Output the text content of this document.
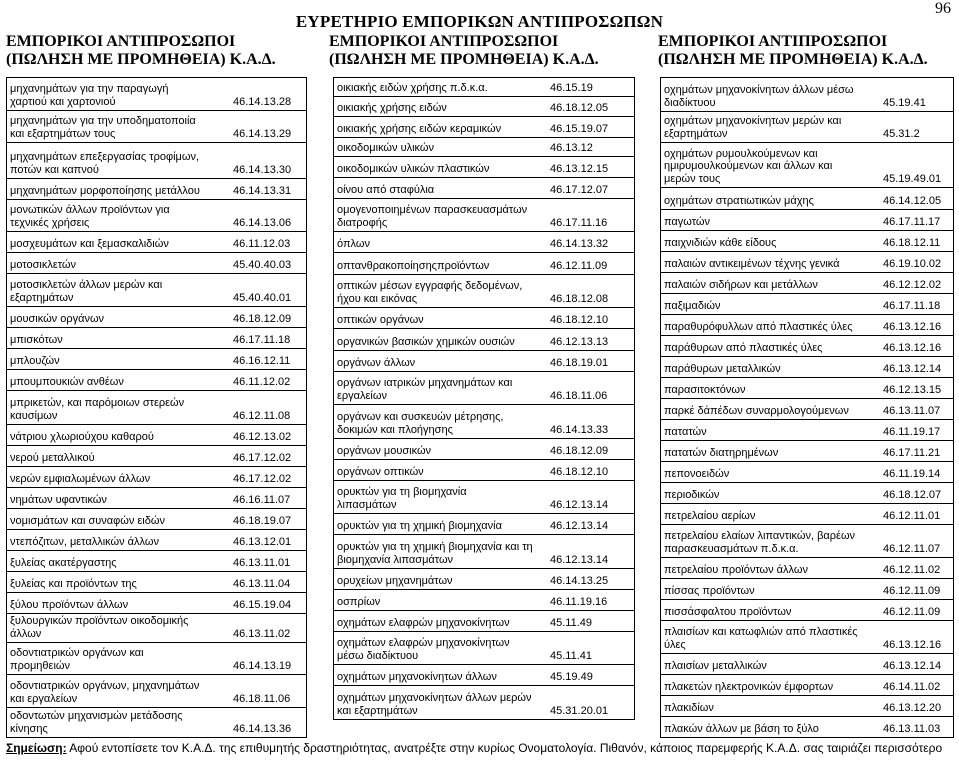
96
ΕΥΡΕΤΗΡΙΟ ΕΜΠΟΡΙΚΩΝ ΑΝΤΙΠΡΟΣΩΠΩΝ
ΕΜΠΟΡΙΚΟΙ ΑΝΤΙΠΡΟΣΩΠΟΙ
(ΠΩΛΗΣΗ ΜΕ ΠΡΟΜΗΘΕΙΑ) Κ.Α.Δ.
ΕΜΠΟΡΙΚΟΙ ΑΝΤΙΠΡΟΣΩΠΟΙ
(ΠΩΛΗΣΗ ΜΕ ΠΡΟΜΗΘΕΙΑ) Κ.Α.Δ.
ΕΜΠΟΡΙΚΟΙ ΑΝΤΙΠΡΟΣΩΠΟΙ
(ΠΩΛΗΣΗ ΜΕ ΠΡΟΜΗΘΕΙΑ) Κ.Α.Δ.
μηχανημάτων για την παραγωγή
χαρτιού και χαρτονιού	46.14.13.28
μηχανημάτων για την υποδηματοποιία
και εξαρτημάτων τους	46.14.13.29
μηχανημάτων επεξεργασίας τροφίμων,
ποτών και καπνού	46.14.13.30
μηχανημάτων μορφοποίησης μετάλλου	46.14.13.31
μονωτικών άλλων προϊόντων για
τεχνικές χρήσεις	46.14.13.06
μοσχευμάτων και ξεμασκαλιδιών	46.11.12.03
μοτοσικλετών	45.40.40.03
μοτοσικλετών άλλων μερών και
εξαρτημάτων	45.40.40.01
μουσικών οργάνων	46.18.12.09
μπισκότων	46.17.11.18
μπλουζών	46.16.12.11
μπουμπουκιών ανθέων	46.11.12.02
μπρικετών, και παρόμοιων στερεών
καυσίμων	46.12.11.08
νάτριου χλωριούχου καθαρού	46.12.13.02
νερού μεταλλικού	46.17.12.02
νερών εμφιαλωμένων άλλων	46.17.12.02
νημάτων υφαντικών	46.16.11.07
νομισμάτων και συναφών ειδών	46.18.19.07
ντεπόζιτων, μεταλλικών άλλων	46.13.12.01
ξυλείας ακατέργαστης	46.13.11.01
ξυλείας και προϊόντων της	46.13.11.04
ξύλου προϊόντων άλλων	46.15.19.04
ξυλουργικών προϊόντων οικοδομικής
άλλων	46.13.11.02
οδοντιατρικών οργάνων και
προμηθειών	46.14.13.19
οδοντιατρικών οργάνων, μηχανημάτων
και εργαλείων	46.18.11.06
οδοντωτών μηχανισμών μετάδοσης
κίνησης	46.14.13.36
οικιακής ειδών χρήσης π.δ.κ.α.	46.15.19
οικιακής χρήσης ειδών	46.18.12.05
οικιακής χρήσης ειδών κεραμικών	46.15.19.07
οικοδομικών υλικών	46.13.12
οικοδομικών υλικών πλαστικών	46.13.12.15
οίνου από σταφύλια	46.17.12.07
ομογενοποιημένων παρασκευασμάτων
διατροφής	46.17.11.16
όπλων	46.14.13.32
οπτανθρακοποίησηςπροϊόντων	46.12.11.09
οπτικών μέσων εγγραφής δεδομένων,
ήχου και εικόνας	46.18.12.08
οπτικών οργάνων	46.18.12.10
οργανικών βασικών χημικών ουσιών	46.12.13.13
οργάνων άλλων	46.18.19.01
οργάνων ιατρικών μηχανημάτων και
εργαλείων	46.18.11.06
οργάνων και συσκευών μέτρησης,
δοκιμών και πλοήγησης	46.14.13.33
οργάνων μουσικών	46.18.12.09
οργάνων οπτικών	46.18.12.10
ορυκτών για τη βιομηχανία
λιπασμάτων	46.12.13.14
ορυκτών για τη χημική βιομηχανία	46.12.13.14
ορυκτών για τη χημική βιομηχανία και τη
βιομηχανία λιπασμάτων	46.12.13.14
ορυχείων μηχανημάτων	46.14.13.25
οσπρίων	46.11.19.16
οχημάτων ελαφρών μηχανοκίνητων	45.11.49
οχημάτων ελαφρών μηχανοκίνητων
μέσω διαδίκτυου	45.11.41
οχημάτων μηχανοκίνητων άλλων	45.19.49
οχημάτων μηχανοκίνητων άλλων μερών
και εξαρτημάτων	45.31.20.01
οχημάτων μηχανοκίνητων άλλων μέσω
διαδίκτυου	45.19.41
οχημάτων μηχανοκίνητων μερών και
εξαρτημάτων	45.31.2
οχημάτων ρυμουλκούμενων και
ημιρυμουλκούμενων και άλλων και
μερών τους	45.19.49.01
οχημάτων στρατιωτικών μάχης	46.14.12.05
παγωτών	46.17.11.17
παιχνιδιών κάθε είδους	46.18.12.11
παλαιών αντικειμένων τέχνης γενικά	46.19.10.02
παλαιών σιδήρων και μετάλλων	46.12.12.02
παξιμαδιών	46.17.11.18
παραθυρόφυλλων από πλαστικές ύλες	46.13.12.16
παράθυρων από πλαστικές ύλες	46.13.12.16
παράθυρων μεταλλικών	46.13.12.14
παρασιτοκτόνων	46.12.13.15
παρκέ δάπέδων συναρμολογούμενων	46.13.11.07
πατατών	46.11.19.17
πατατών διατηρημένων	46.17.11.21
πεπονοειδών	46.11.19.14
περιοδικών	46.18.12.07
πετρελαίου αερίων	46.12.11.01
πετρελαίου ελαίων λιπαντικών, βαρέων
παρασκευασμάτων π.δ.κ.α.	46.12.11.07
πετρελαίου προϊόντων άλλων	46.12.11.02
πίσσας προϊόντων	46.12.11.09
πισσάσφαλτου προϊόντων	46.12.11.09
πλαισίων και κατωφλιών από πλαστικές
ύλες	46.13.12.16
πλαισίων μεταλλικών	46.13.12.14
πλακετών ηλεκτρονικών έμφορτων	46.14.11.02
πλακιδίων	46.13.12.20
πλακών άλλων με βάση το ξύλο	46.13.11.03
Σημείωση: Αφού εντοπίσετε τον Κ.Α.Δ. της επιθυμητής δραστηριότητας, ανατρέξτε στην κυρίως Ονοματολογία. Πιθανόν, κάποιος παρεμφερής Κ.Α.Δ. σας ταιριάζει περισσότερο
